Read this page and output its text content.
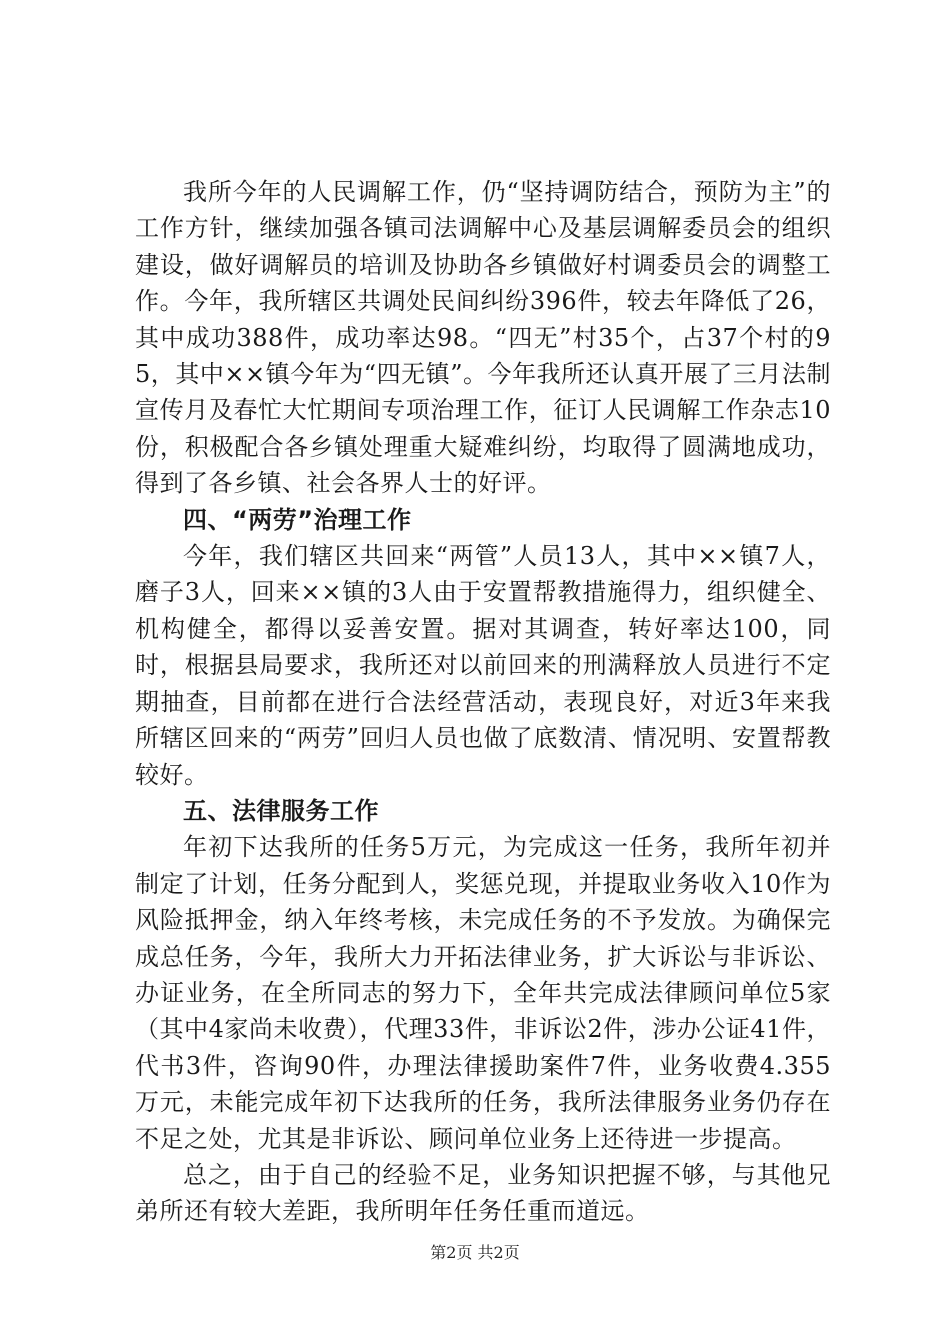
我所今年的人民调解工作，仍“坚持调防结合，预防为主”的工作方针，继续加强各镇司法调解中心及基层调解委员会的组织建设，做好调解员的培训及协助各乡镇做好村调委员会的调整工作。今年，我所辖区共调处民间纠纷396件，较去年降低了26，其中成功388件，成功率达98。“四无”村35个，占37个村的95，其中××镇今年为“四无镇”。今年我所还认真开展了三月法制宣传月及春忙大忙期间专项治理工作，征订人民调解工作杂志10份，积极配合各乡镇处理重大疑难纠纷，均取得了圆满地成功，得到了各乡镇、社会各界人士的好评。

四、“两劳”治理工作

今年，我们辖区共回来“两管”人员13人，其中××镇7人，磨子3人，回来××镇的3人由于安置帮教措施得力，组织健全、机构健全，都得以妥善安置。据对其调查，转好率达100，同时，根据县局要求，我所还对以前回来的刑满释放人员进行不定期抽查，目前都在进行合法经营活动，表现良好，对近3年来我所辖区回来的“两劳”回归人员也做了底数清、情况明、安置帮教较好。

五、法律服务工作

年初下达我所的任务5万元，为完成这一任务，我所年初并制定了计划，任务分配到人，奖惩兑现，并提取业务收入10作为风险抵押金，纳入年终考核，未完成任务的不予发放。为确保完成总任务，今年，我所大力开拓法律业务，扩大诉讼与非诉讼、办证业务，在全所同志的努力下，全年共完成法律顾问单位5家（其中4家尚未收费），代理33件，非诉讼2件，涉办公证41件，代书3件，咨询90件，办理法律援助案件7件，业务收费4.355万元，未能完成年初下达我所的任务，我所法律服务业务仍存在不足之处，尤其是非诉讼、顾问单位业务上还待进一步提高。

总之，由于自己的经验不足，业务知识把握不够，与其他兄弟所还有较大差距，我所明年任务任重而道远。

第2页 共2页
